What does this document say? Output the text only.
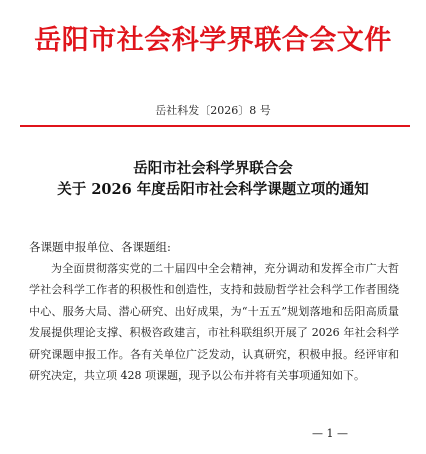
岳阳市社会科学界联合会文件
岳社科发〔2026〕8 号
岳阳市社会科学界联合会
关于 2026 年度岳阳市社会科学课题立项的通知
各课题申报单位、各课题组:

为全面贯彻落实党的二十届四中全会精神，充分调动和发挥全市广大哲学社会科学工作者的积极性和创造性，支持和鼓励哲学社会科学工作者围绕中心、服务大局、潜心研究、出好成果，为“十五五”规划落地和岳阳高质量发展提供理论支撑、积极咨政建言，市社科联组织开展了 2026 年社会科学研究课题申报工作。各有关单位广泛发动，认真研究，积极申报。经评审和研究决定，共立项 428 项课题，现予以公布并将有关事项通知如下。

— 1 —
